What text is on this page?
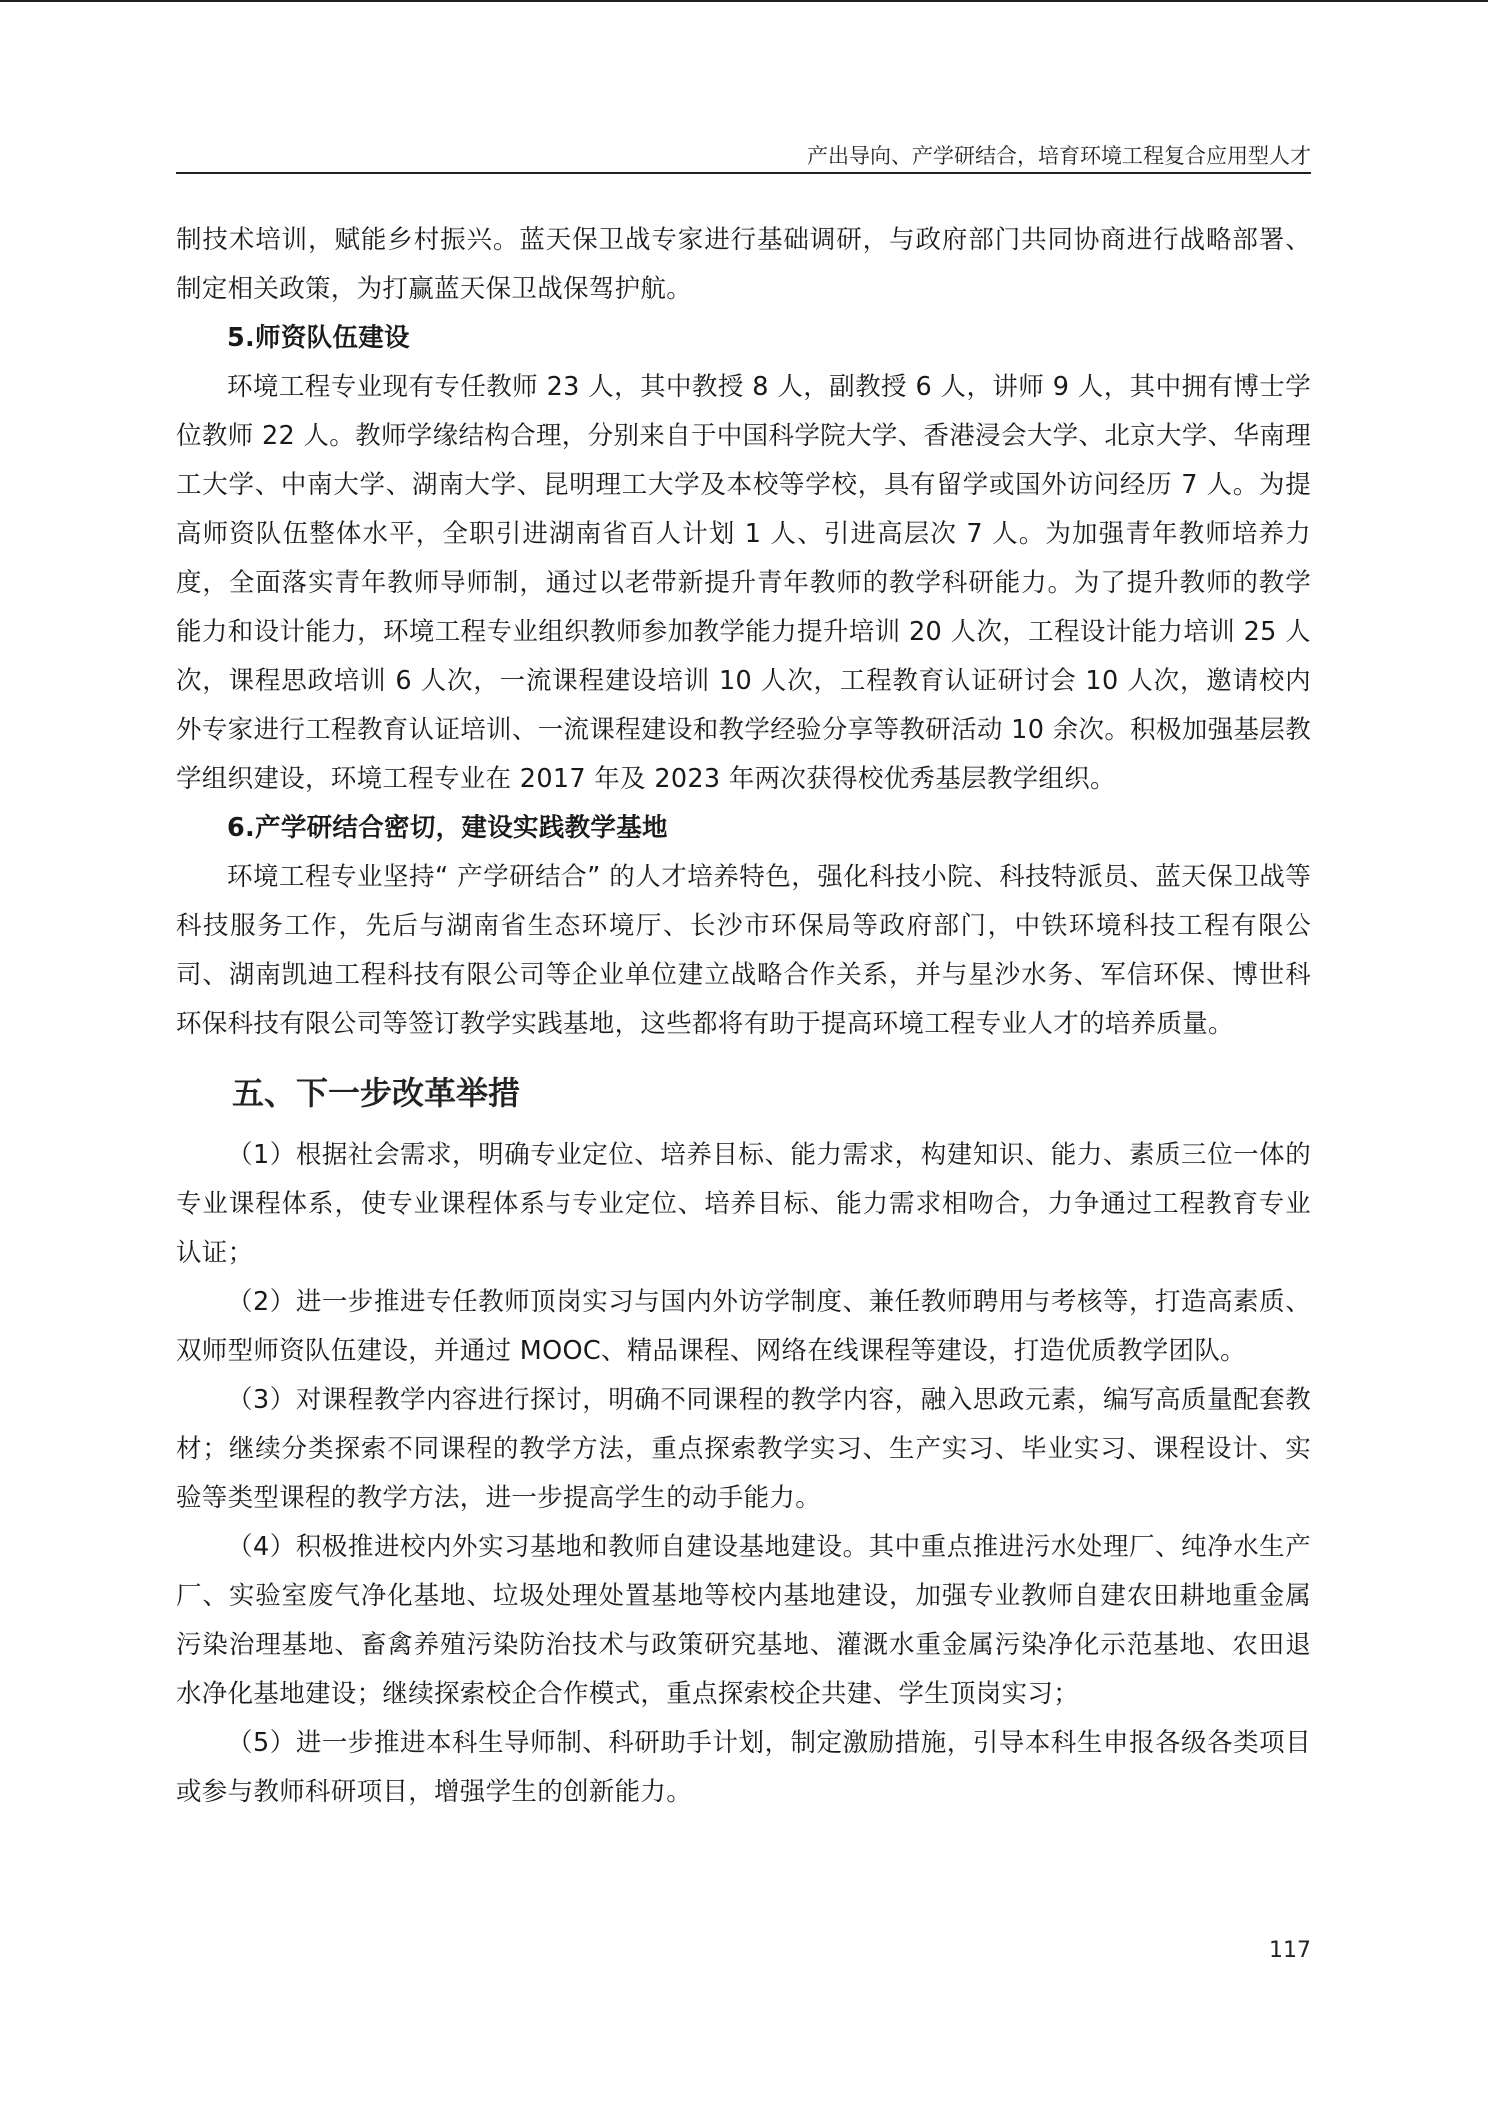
产出导向、产学研结合，培育环境工程复合应用型人才

制技术培训，赋能乡村振兴。蓝天保卫战专家进行基础调研，与政府部门共同协商进行战略部署、制定相关政策，为打赢蓝天保卫战保驾护航。

5.师资队伍建设

环境工程专业现有专任教师 23 人，其中教授 8 人，副教授 6 人，讲师 9 人，其中拥有博士学位教师 22 人。教师学缘结构合理，分别来自于中国科学院大学、香港浸会大学、北京大学、华南理工大学、中南大学、湖南大学、昆明理工大学及本校等学校，具有留学或国外访问经历 7 人。为提高师资队伍整体水平，全职引进湖南省百人计划 1 人、引进高层次 7 人。为加强青年教师培养力度，全面落实青年教师导师制，通过以老带新提升青年教师的教学科研能力。为了提升教师的教学能力和设计能力，环境工程专业组织教师参加教学能力提升培训 20 人次，工程设计能力培训 25 人次，课程思政培训 6 人次，一流课程建设培训 10 人次，工程教育认证研讨会 10 人次，邀请校内外专家进行工程教育认证培训、一流课程建设和教学经验分享等教研活动 10 余次。积极加强基层教学组织建设，环境工程专业在 2017 年及 2023 年两次获得校优秀基层教学组织。

6.产学研结合密切，建设实践教学基地

环境工程专业坚持“ 产学研结合” 的人才培养特色，强化科技小院、科技特派员、蓝天保卫战等科技服务工作，先后与湖南省生态环境厅、长沙市环保局等政府部门，中铁环境科技工程有限公司、湖南凯迪工程科技有限公司等企业单位建立战略合作关系，并与星沙水务、军信环保、博世科环保科技有限公司等签订教学实践基地，这些都将有助于提高环境工程专业人才的培养质量。

五、下一步改革举措

（1）根据社会需求，明确专业定位、培养目标、能力需求，构建知识、能力、素质三位一体的专业课程体系，使专业课程体系与专业定位、培养目标、能力需求相吻合，力争通过工程教育专业认证；

（2）进一步推进专任教师顶岗实习与国内外访学制度、兼任教师聘用与考核等，打造高素质、双师型师资队伍建设，并通过 MOOC、精品课程、网络在线课程等建设，打造优质教学团队。

（3）对课程教学内容进行探讨，明确不同课程的教学内容，融入思政元素，编写高质量配套教材；继续分类探索不同课程的教学方法，重点探索教学实习、生产实习、毕业实习、课程设计、实验等类型课程的教学方法，进一步提高学生的动手能力。

（4）积极推进校内外实习基地和教师自建设基地建设。其中重点推进污水处理厂、纯净水生产厂、实验室废气净化基地、垃圾处理处置基地等校内基地建设，加强专业教师自建农田耕地重金属污染治理基地、畜禽养殖污染防治技术与政策研究基地、灌溉水重金属污染净化示范基地、农田退水净化基地建设；继续探索校企合作模式，重点探索校企共建、学生顶岗实习；

（5）进一步推进本科生导师制、科研助手计划，制定激励措施，引导本科生申报各级各类项目或参与教师科研项目，增强学生的创新能力。

117
